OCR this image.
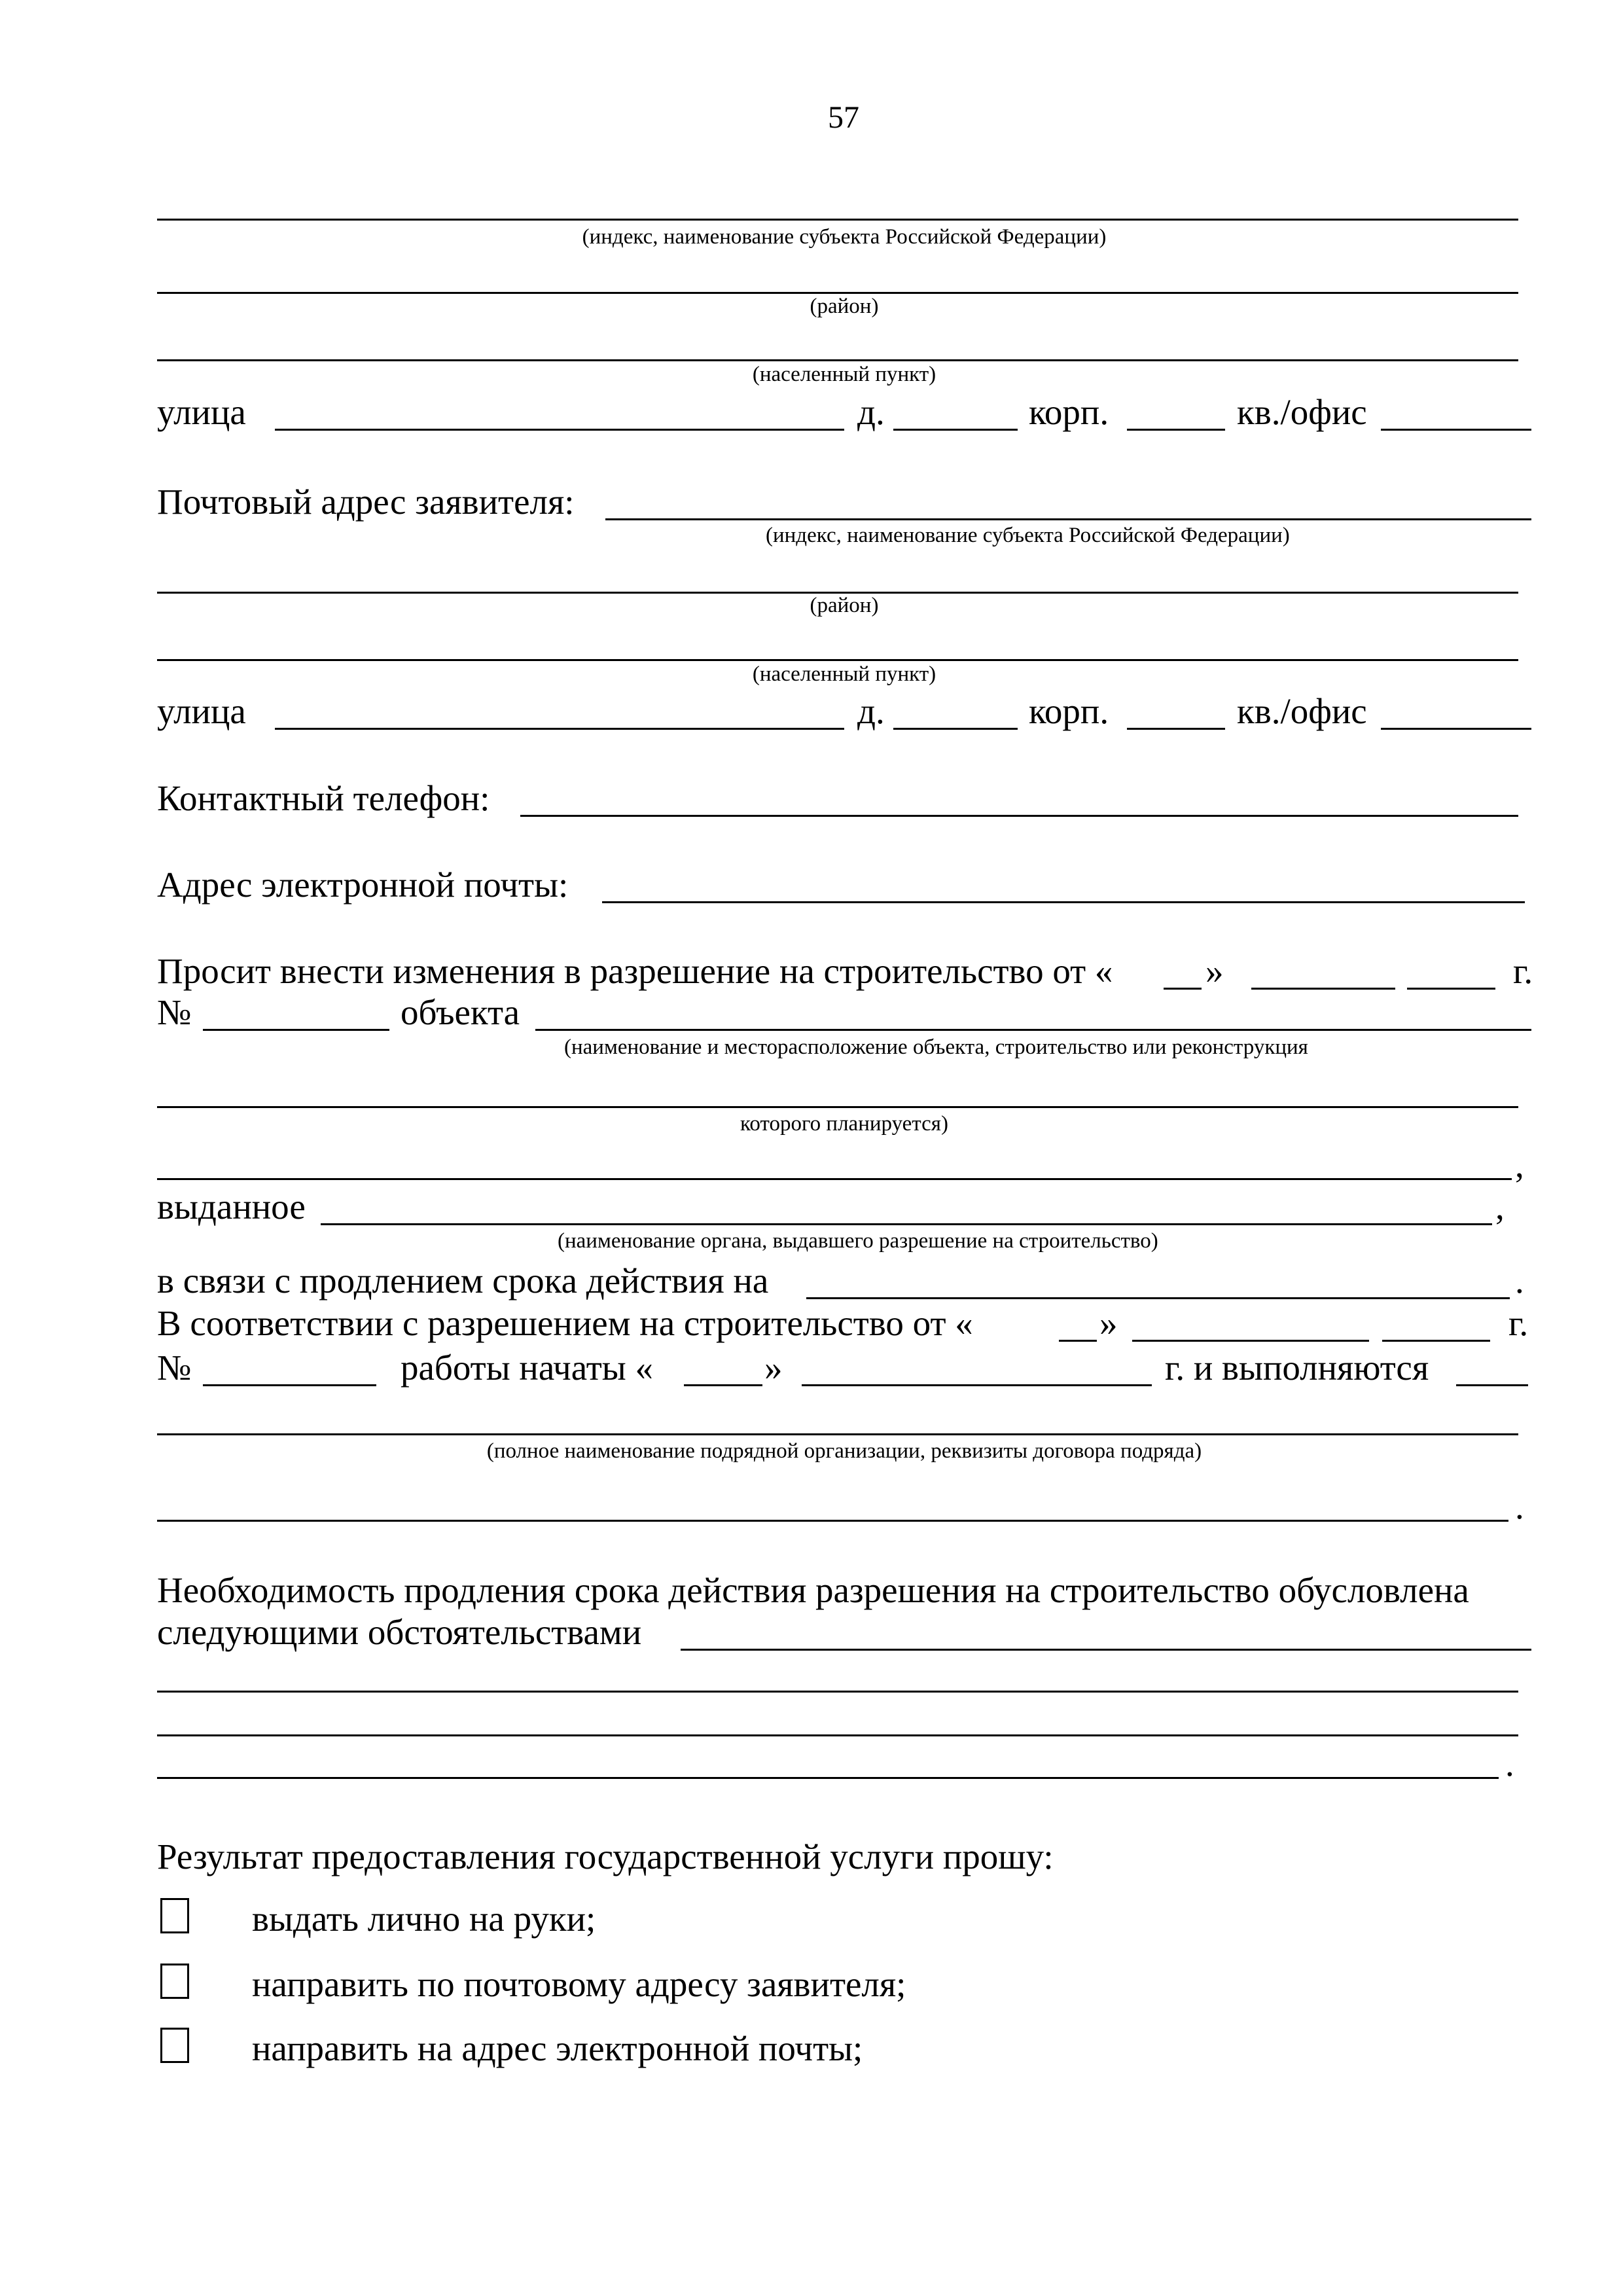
57
(индекс, наименование субъекта Российской Федерации)
(район)
(населенный пункт)
улица	д.	корп.	кв./офис
Почтовый адрес заявителя:
(индекс, наименование субъекта Российской Федерации)
(район)
(населенный пункт)
улица	д.	корп.	кв./офис
Контактный телефон:
Адрес электронной почты:
Просит внести изменения в разрешение на строительство от «	»	г.
№	объекта
(наименование и месторасположение объекта, строительство или реконструкция
которого планируется)
,
выданное	,
(наименование органа, выдавшего разрешение на строительство)
в связи с продлением срока действия на	.
В соответствии с разрешением на строительство от «	»	г.
№	работы начаты «	»	г. и выполняются
(полное наименование подрядной организации, реквизиты договора подряда)
.
Необходимость продления срока действия разрешения на строительство обусловлена
следующими обстоятельствами
.
Результат предоставления государственной услуги прошу:
выдать лично на руки;
направить по почтовому адресу заявителя;
направить на адрес электронной почты;
